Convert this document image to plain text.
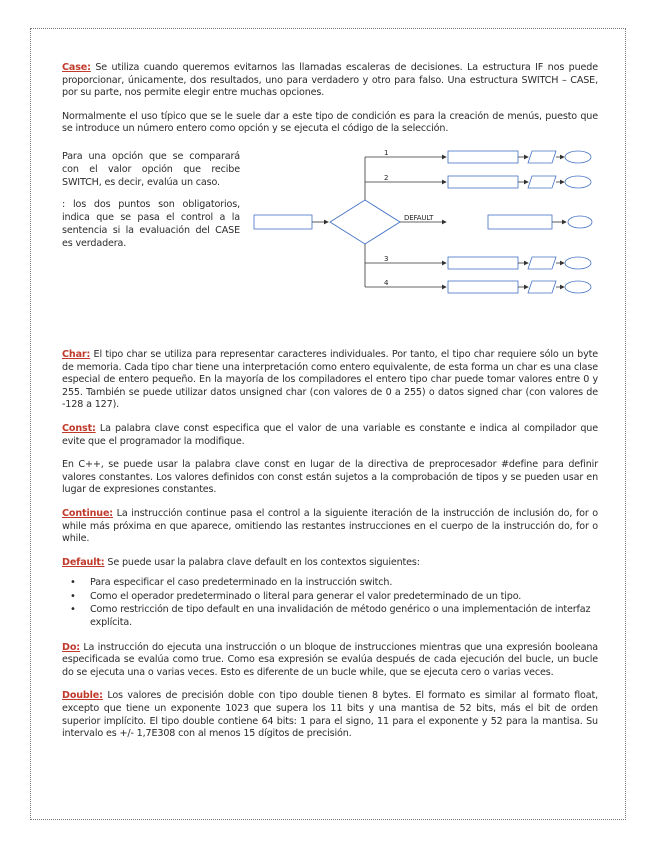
Case: Se utiliza cuando queremos evitarnos las llamadas escaleras de decisiones. La estructura IF nos puede proporcionar, únicamente, dos resultados, uno para verdadero y otro para falso. Una estructura SWITCH – CASE, por su parte, nos permite elegir entre muchas opciones.

Normalmente el uso típico que se le suele dar a este tipo de condición es para la creación de menús, puesto que se introduce un número entero como opción y se ejecuta el código de la selección.

Para una opción que se comparará con el valor opción que recibe SWITCH, es decir, evalúa un caso.

: los dos puntos son obligatorios, indica que se pasa el control a la sentencia si la evaluación del CASE es verdadera.

1
2
DEFAULT
3
4

Char: El tipo char se utiliza para representar caracteres individuales. Por tanto, el tipo char requiere sólo un byte de memoria. Cada tipo char tiene una interpretación como entero equivalente, de esta forma un char es una clase especial de entero pequeño. En la mayoría de los compiladores el entero tipo char puede tomar valores entre 0 y 255. También se puede utilizar datos unsigned char (con valores de 0 a 255) o datos signed char (con valores de -128 a 127).

Const: La palabra clave const especifica que el valor de una variable es constante e indica al compilador que evite que el programador la modifique.

En C++, se puede usar la palabra clave const en lugar de la directiva de preprocesador #define para definir valores constantes. Los valores definidos con const están sujetos a la comprobación de tipos y se pueden usar en lugar de expresiones constantes.

Continue: La instrucción continue pasa el control a la siguiente iteración de la instrucción de inclusión do, for o while más próxima en que aparece, omitiendo las restantes instrucciones en el cuerpo de la instrucción do, for o while.

Default: Se puede usar la palabra clave default en los contextos siguientes:

• Para especificar el caso predeterminado en la instrucción switch.
• Como el operador predeterminado o literal para generar el valor predeterminado de un tipo.
• Como restricción de tipo default en una invalidación de método genérico o una implementación de interfaz explícita.

Do: La instrucción do ejecuta una instrucción o un bloque de instrucciones mientras que una expresión booleana especificada se evalúa como true. Como esa expresión se evalúa después de cada ejecución del bucle, un bucle do se ejecuta una o varias veces. Esto es diferente de un bucle while, que se ejecuta cero o varias veces.

Double: Los valores de precisión doble con tipo double tienen 8 bytes. El formato es similar al formato float, excepto que tiene un exponente 1023 que supera los 11 bits y una mantisa de 52 bits, más el bit de orden superior implícito. El tipo double contiene 64 bits: 1 para el signo, 11 para el exponente y 52 para la mantisa. Su intervalo es +/- 1,7E308 con al menos 15 dígitos de precisión.
